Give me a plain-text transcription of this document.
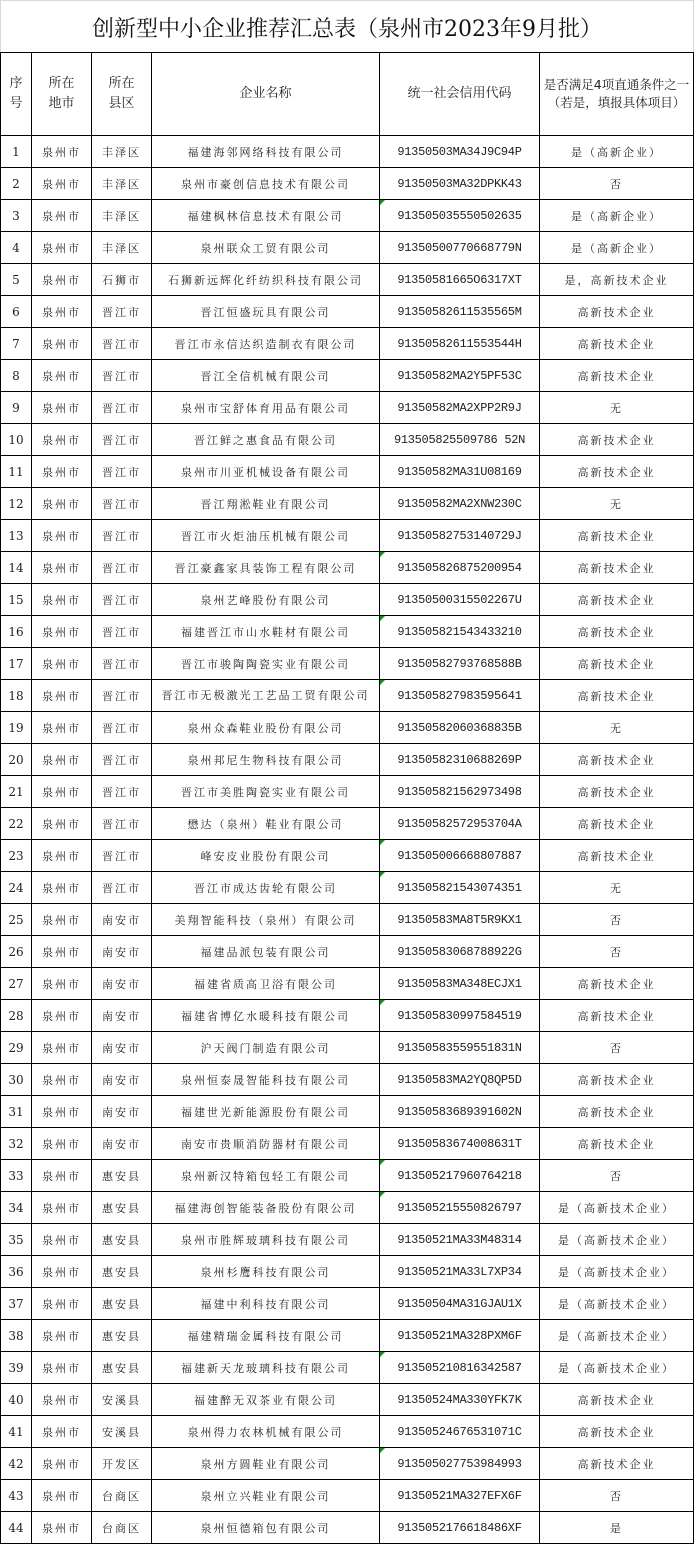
创新型中小企业推荐汇总表（泉州市2023年9月批）
序号	所在地市	所在县区	企业名称	统一社会信用代码	是否满足4项直通条件之一（若是，填报具体项目）
1	泉州市	丰泽区	福建海邻网络科技有限公司	91350503MA34J9C94P	是（高新企业）
2	泉州市	丰泽区	泉州市豪创信息技术有限公司	91350503MA32DPKK43	否
3	泉州市	丰泽区	福建枫林信息技术有限公司	913505035550502635	是（高新企业）
4	泉州市	丰泽区	泉州联众工贸有限公司	91350500770668779N	是（高新企业）
5	泉州市	石狮市	石狮新远辉化纤纺织科技有限公司	91350581665O6317XT	是，高新技术企业
6	泉州市	晋江市	晋江恒盛玩具有限公司	91350582611535565M	高新技术企业
7	泉州市	晋江市	晋江市永信达织造制衣有限公司	91350582611553544H	高新技术企业
8	泉州市	晋江市	晋江全信机械有限公司	91350582MA2Y5PF53C	高新技术企业
9	泉州市	晋江市	泉州市宝舒体育用品有限公司	91350582MA2XPP2R9J	无
10	泉州市	晋江市	晋江鲜之惠食品有限公司	913505825509786 52N	高新技术企业
11	泉州市	晋江市	泉州市川亚机械设备有限公司	91350582MA31U08169	高新技术企业
12	泉州市	晋江市	晋江翔淞鞋业有限公司	91350582MA2XNW230C	无
13	泉州市	晋江市	晋江市火炬油压机械有限公司	91350582753140729J	高新技术企业
14	泉州市	晋江市	晋江豪鑫家具装饰工程有限公司	913505826875200954	高新技术企业
15	泉州市	晋江市	泉州艺峰股份有限公司	91350500315502267U	高新技术企业
16	泉州市	晋江市	福建晋江市山水鞋材有限公司	913505821543433210	高新技术企业
17	泉州市	晋江市	晋江市骏陶陶瓷实业有限公司	91350582793768588B	高新技术企业
18	泉州市	晋江市	晋江市无极激光工艺品工贸有限公司	913505827983595641	高新技术企业
19	泉州市	晋江市	泉州众森鞋业股份有限公司	91350582060368835B	无
20	泉州市	晋江市	泉州邦尼生物科技有限公司	91350582310688269P	高新技术企业
21	泉州市	晋江市	晋江市美胜陶瓷实业有限公司	913505821562973498	高新技术企业
22	泉州市	晋江市	懋达（泉州）鞋业有限公司	91350582572953704A	高新技术企业
23	泉州市	晋江市	峰安皮业股份有限公司	913505006668807887	高新技术企业
24	泉州市	晋江市	晋江市成达齿轮有限公司	913505821543074351	无
25	泉州市	南安市	美翔智能科技（泉州）有限公司	91350583MA8T5R9KX1	否
26	泉州市	南安市	福建品派包装有限公司	91350583068788922G	否
27	泉州市	南安市	福建省质高卫浴有限公司	91350583MA348ECJX1	高新技术企业
28	泉州市	南安市	福建省博亿水暖科技有限公司	913505830997584519	高新技术企业
29	泉州市	南安市	沪天阀门制造有限公司	91350583559551831N	否
30	泉州市	南安市	泉州恒泰晟智能科技有限公司	91350583MA2YQ8QP5D	高新技术企业
31	泉州市	南安市	福建世光新能源股份有限公司	91350583689391602N	高新技术企业
32	泉州市	南安市	南安市贵顺消防器材有限公司	91350583674008631T	高新技术企业
33	泉州市	惠安县	泉州新汉特箱包轻工有限公司	913505217960764218	否
34	泉州市	惠安县	福建海创智能装备股份有限公司	913505215550826797	是（高新技术企业）
35	泉州市	惠安县	泉州市胜辉玻璃科技有限公司	91350521MA33M48314	是（高新技术企业）
36	泉州市	惠安县	泉州杉鹰科技有限公司	91350521MA33L7XP34	是（高新技术企业）
37	泉州市	惠安县	福建中利科技有限公司	91350504MA31GJAU1X	是（高新技术企业）
38	泉州市	惠安县	福建精瑞金属科技有限公司	91350521MA328PXM6F	是（高新技术企业）
39	泉州市	惠安县	福建新天龙玻璃科技有限公司	913505210816342587	是（高新技术企业）
40	泉州市	安溪县	福建醉无双茶业有限公司	91350524MA330YFK7K	高新技术企业
41	泉州市	安溪县	泉州得力农林机械有限公司	91350524676531071C	高新技术企业
42	泉州市	开发区	泉州方圆鞋业有限公司	913505027753984993	高新技术企业
43	泉州市	台商区	泉州立兴鞋业有限公司	91350521MA327EFX6F	否
44	泉州市	台商区	泉州恒德箱包有限公司	9135052176618486XF	是
